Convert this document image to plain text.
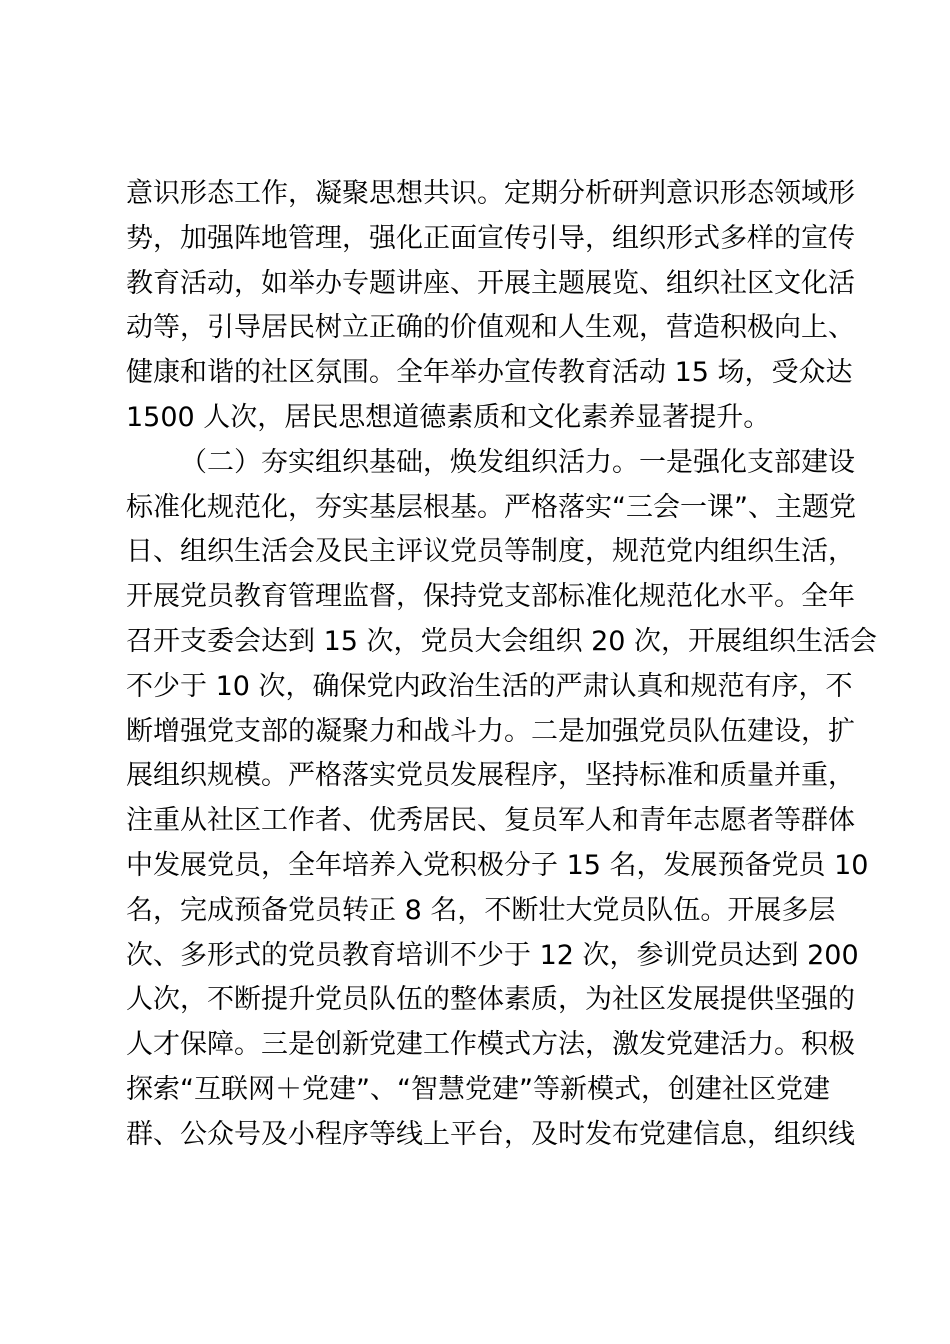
意识形态工作，凝聚思想共识。定期分析研判意识形态领域形
势，加强阵地管理，强化正面宣传引导，组织形式多样的宣传
教育活动，如举办专题讲座、开展主题展览、组织社区文化活
动等，引导居民树立正确的价值观和人生观，营造积极向上、
健康和谐的社区氛围。全年举办宣传教育活动 15 场，受众达
1500 人次，居民思想道德素质和文化素养显著提升。
（二）夯实组织基础，焕发组织活力。一是强化支部建设
标准化规范化，夯实基层根基。严格落实“三会一课”、主题党
日、组织生活会及民主评议党员等制度，规范党内组织生活，
开展党员教育管理监督，保持党支部标准化规范化水平。全年
召开支委会达到 15 次，党员大会组织 20 次，开展组织生活会
不少于 10 次，确保党内政治生活的严肃认真和规范有序，不
断增强党支部的凝聚力和战斗力。二是加强党员队伍建设，扩
展组织规模。严格落实党员发展程序，坚持标准和质量并重，
注重从社区工作者、优秀居民、复员军人和青年志愿者等群体
中发展党员，全年培养入党积极分子 15 名，发展预备党员 10
名，完成预备党员转正 8 名，不断壮大党员队伍。开展多层
次、多形式的党员教育培训不少于 12 次，参训党员达到 200
人次，不断提升党员队伍的整体素质，为社区发展提供坚强的
人才保障。三是创新党建工作模式方法，激发党建活力。积极
探索“互联网＋党建”、“智慧党建”等新模式，创建社区党建
群、公众号及小程序等线上平台，及时发布党建信息，组织线
